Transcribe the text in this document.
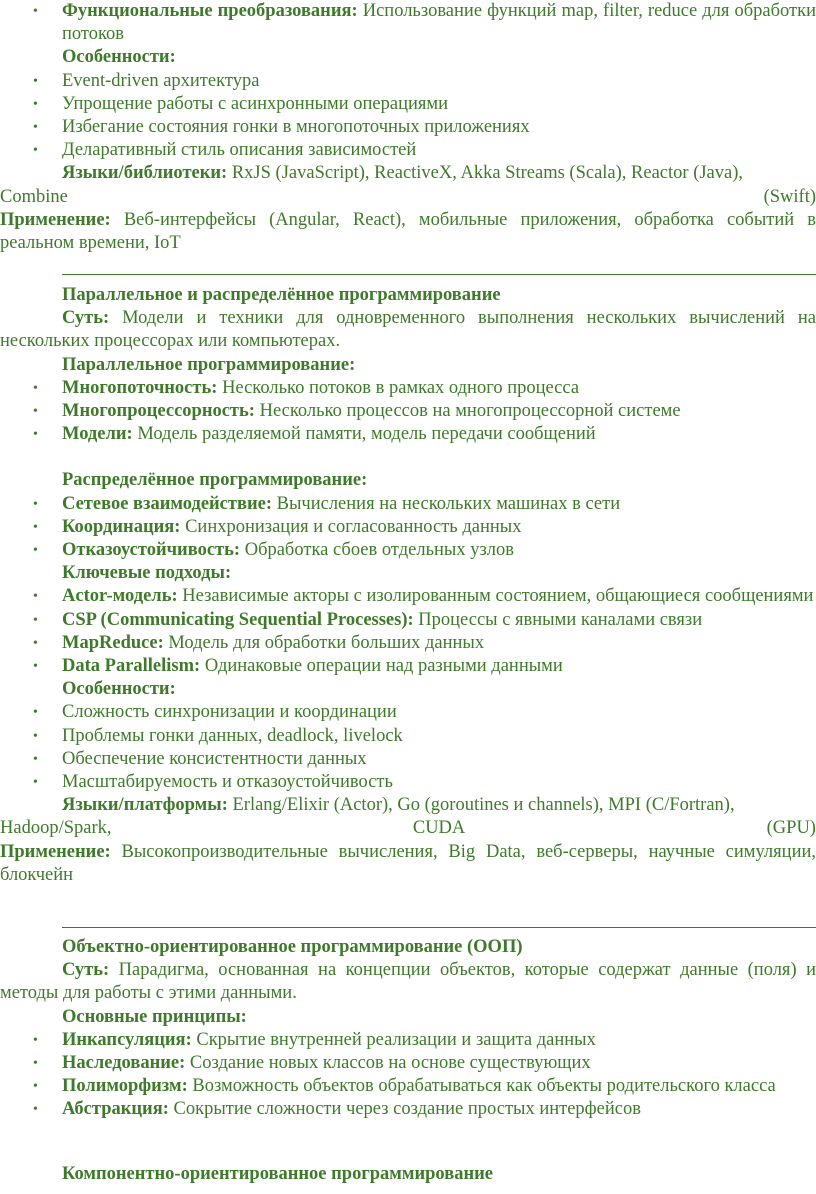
• Функциональные преобразования: Использование функций map, filter, reduce для обработки потоков

Особенности:

• Event-driven архитектура
• Упрощение работы с асинхронными операциями
• Избегание состояния гонки в многопоточных приложениях
• Деларативный стиль описания зависимостей

Языки/библиотеки: RxJS (JavaScript), ReactiveX, Akka Streams (Scala), Reactor (Java),

Combine	(Swift)

Применение: Веб-интерфейсы (Angular, React), мобильные приложения, обработка событий в реальном времени, IoT

Параллельное и распределённое программирование

Суть: Модели и техники для одновременного выполнения нескольких вычислений на нескольких процессорах или компьютерах.

Параллельное программирование:

• Многопоточность: Несколько потоков в рамках одного процесса
• Многопроцессорность: Несколько процессов на многопроцессорной системе
• Модели: Модель разделяемой памяти, модель передачи сообщений

Распределённое программирование:

• Сетевое взаимодействие: Вычисления на нескольких машинах в сети
• Координация: Синхронизация и согласованность данных
• Отказоустойчивость: Обработка сбоев отдельных узлов

Ключевые подходы:

• Actor-модель: Независимые акторы с изолированным состоянием, общающиеся сообщениями
• CSP (Communicating Sequential Processes): Процессы с явными каналами связи
• MapReduce: Модель для обработки больших данных
• Data Parallelism: Одинаковые операции над разными данными

Особенности:

• Сложность синхронизации и координации
• Проблемы гонки данных, deadlock, livelock
• Обеспечение консистентности данных
• Масштабируемость и отказоустойчивость

Языки/платформы: Erlang/Elixir (Actor), Go (goroutines и channels), MPI (C/Fortran),

Hadoop/Spark,	CUDA	(GPU)

Применение: Высокопроизводительные вычисления, Big Data, веб-серверы, научные симуляции, блокчейн

Объектно-ориентированное программирование (ООП)

Суть: Парадигма, основанная на концепции объектов, которые содержат данные (поля) и методы для работы с этими данными.

Основные принципы:

• Инкапсуляция: Скрытие внутренней реализации и защита данных
• Наследование: Создание новых классов на основе существующих
• Полиморфизм: Возможность объектов обрабатываться как объекты родительского класса
• Абстракция: Сокрытие сложности через создание простых интерфейсов

Компонентно-ориентированное программирование
